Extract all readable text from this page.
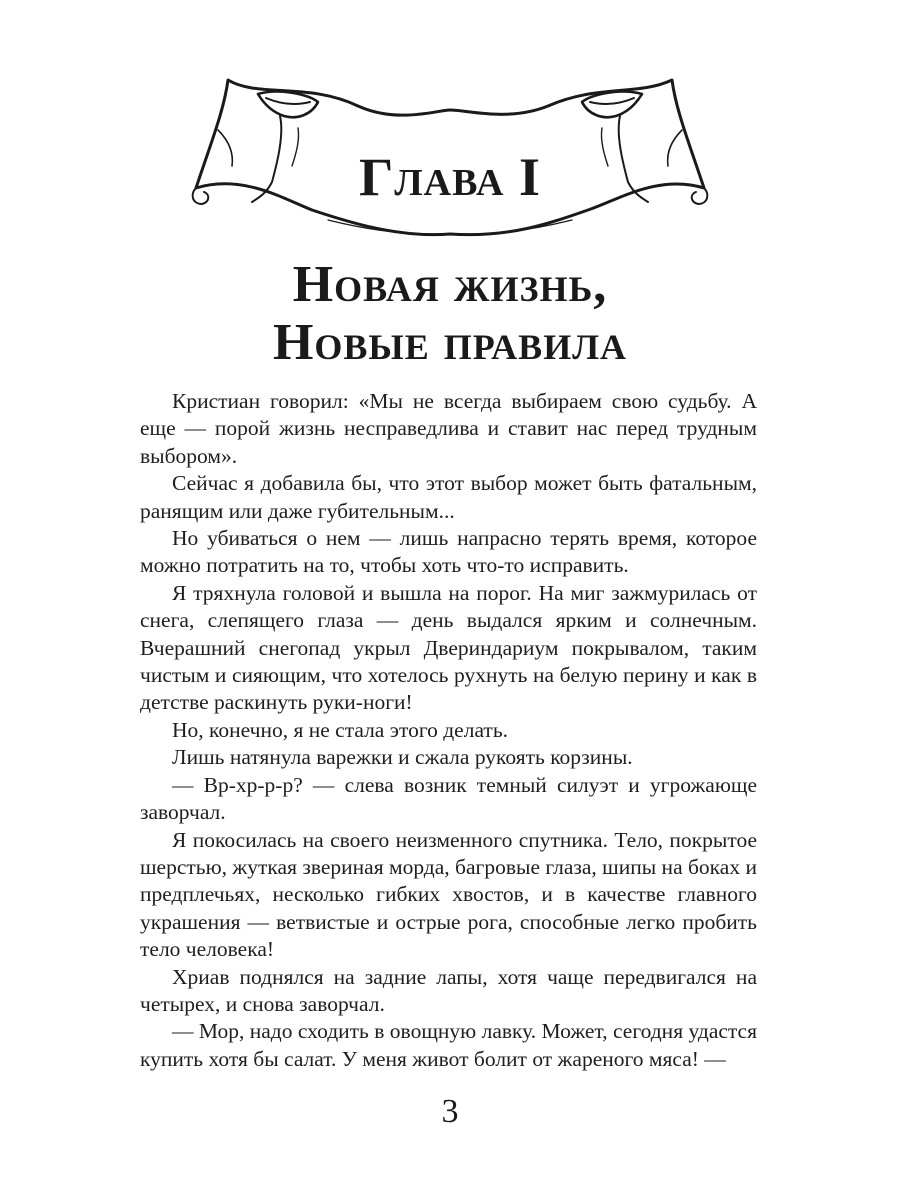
Глава I
Новая жизнь,
Новые правила

Кристиан говорил: «Мы не всегда выбираем свою судьбу. А еще — порой жизнь несправедлива и ставит нас перед трудным выбором».

Сейчас я добавила бы, что этот выбор может быть фатальным, ранящим или даже губительным...

Но убиваться о нем — лишь напрасно терять время, которое можно потратить на то, чтобы хоть что-то исправить.

Я тряхнула головой и вышла на порог. На миг зажмурилась от снега, слепящего глаза — день выдался ярким и солнечным. Вчерашний снегопад укрыл Двериндариум покрывалом, таким чистым и сияющим, что хотелось рухнуть на белую перину и как в детстве раскинуть руки-ноги!

Но, конечно, я не стала этого делать.

Лишь натянула варежки и сжала рукоять корзины.

— Вр-хр-р-р? — слева возник темный силуэт и угрожающе заворчал.

Я покосилась на своего неизменного спутника. Тело, покрытое шерстью, жуткая звериная морда, багровые глаза, шипы на боках и предплечьях, несколько гибких хвостов, и в качестве главного украшения — ветвистые и острые рога, способные легко пробить тело человека!

Хриав поднялся на задние лапы, хотя чаще передвигался на четырех, и снова заворчал.

— Мор, надо сходить в овощную лавку. Может, сегодня удастся купить хотя бы салат. У меня живот болит от жареного мяса! —

3
